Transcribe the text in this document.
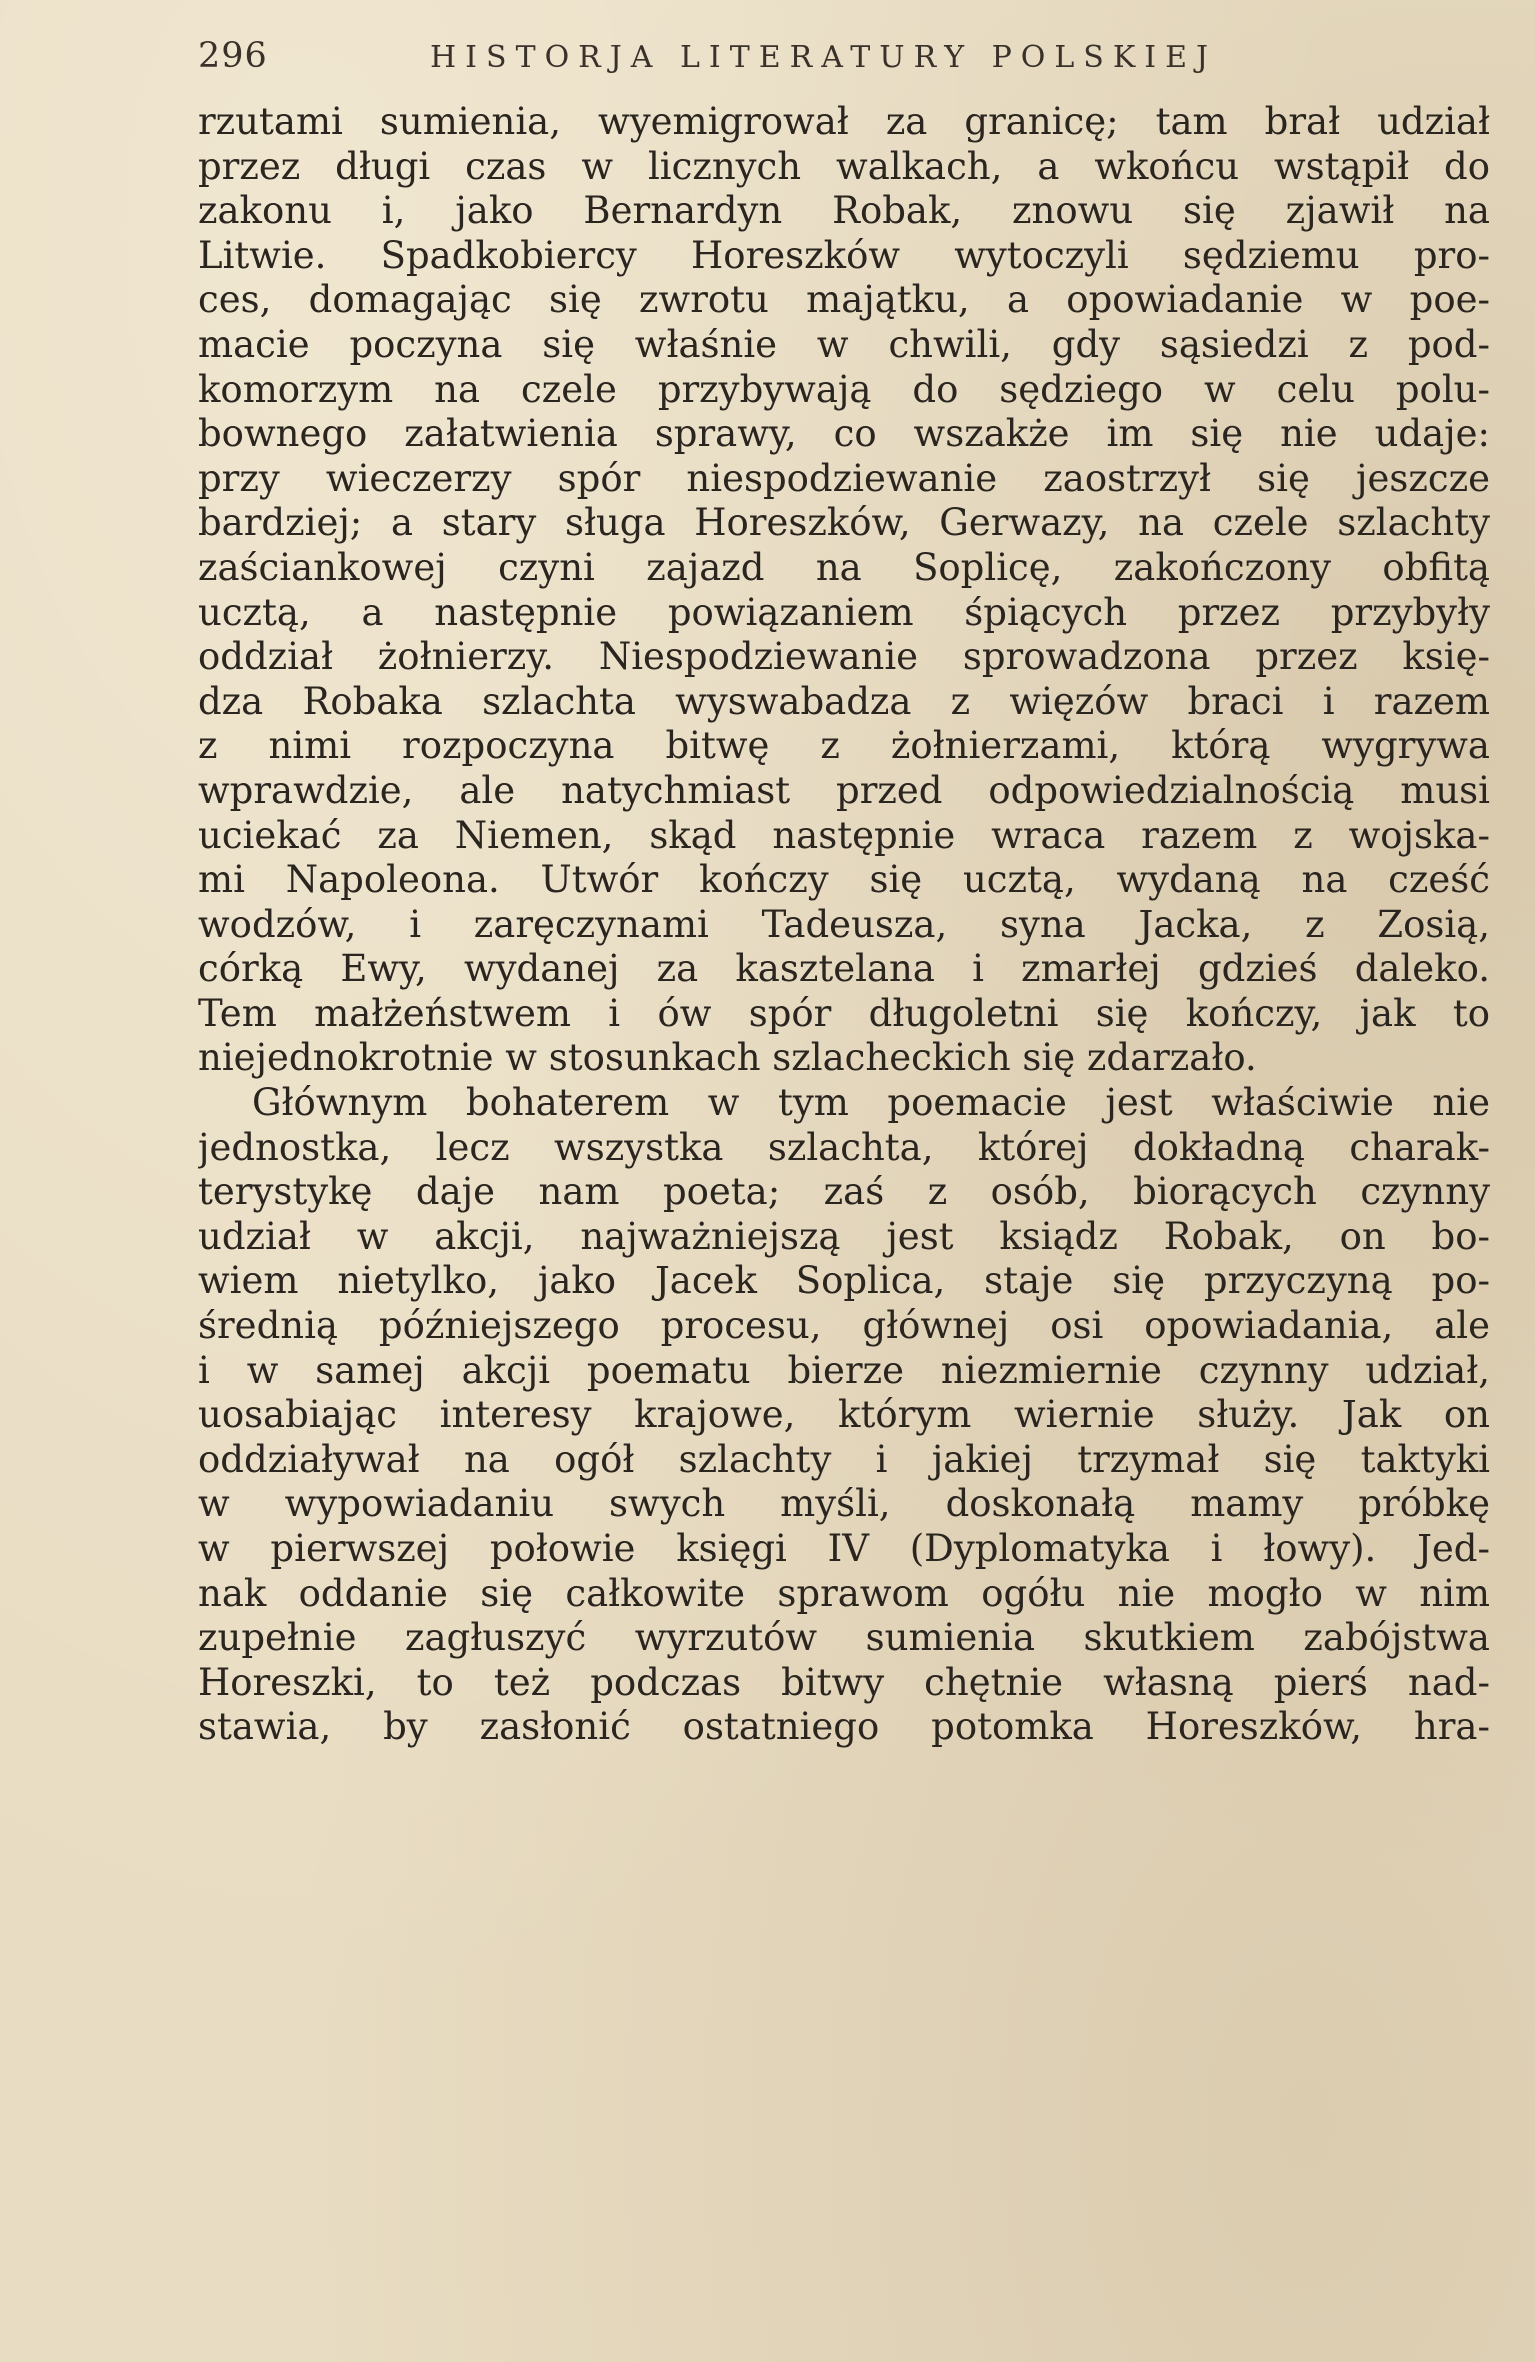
296	HISTORJA LITERATURY POLSKIEJ
rzutami sumienia, wyemigrował za granicę; tam brał udział
przez długi czas w licznych walkach, a wkońcu wstąpił do
zakonu i, jako Bernardyn Robak, znowu się zjawił na
Litwie. Spadkobiercy Horeszków wytoczyli sędziemu pro-
ces, domagając się zwrotu majątku, a opowiadanie w poe-
macie poczyna się właśnie w chwili, gdy sąsiedzi z pod-
komorzym na czele przybywają do sędziego w celu polu-
bownego załatwienia sprawy, co wszakże im się nie udaje:
przy wieczerzy spór niespodziewanie zaostrzył się jeszcze
bardziej; a stary sługa Horeszków, Gerwazy, na czele szlachty
zaściankowej czyni zajazd na Soplicę, zakończony obfitą
ucztą, a następnie powiązaniem śpiących przez przybyły
oddział żołnierzy. Niespodziewanie sprowadzona przez księ-
dza Robaka szlachta wyswabadza z więzów braci i razem
z nimi rozpoczyna bitwę z żołnierzami, którą wygrywa
wprawdzie, ale natychmiast przed odpowiedzialnością musi
uciekać za Niemen, skąd następnie wraca razem z wojska-
mi Napoleona. Utwór kończy się ucztą, wydaną na cześć
wodzów, i zaręczynami Tadeusza, syna Jacka, z Zosią,
córką Ewy, wydanej za kasztelana i zmarłej gdzieś daleko.
Tem małżeństwem i ów spór długoletni się kończy, jak to
niejednokrotnie w stosunkach szlacheckich się zdarzało.
Głównym bohaterem w tym poemacie jest właściwie nie
jednostka, lecz wszystka szlachta, której dokładną charak-
terystykę daje nam poeta; zaś z osób, biorących czynny
udział w akcji, najważniejszą jest ksiądz Robak, on bo-
wiem nietylko, jako Jacek Soplica, staje się przyczyną po-
średnią późniejszego procesu, głównej osi opowiadania, ale
i w samej akcji poematu bierze niezmiernie czynny udział,
uosabiając interesy krajowe, którym wiernie służy. Jak on
oddziaływał na ogół szlachty i jakiej trzymał się taktyki
w wypowiadaniu swych myśli, doskonałą mamy próbkę
w pierwszej połowie księgi IV (Dyplomatyka i łowy). Jed-
nak oddanie się całkowite sprawom ogółu nie mogło w nim
zupełnie zagłuszyć wyrzutów sumienia skutkiem zabójstwa
Horeszki, to też podczas bitwy chętnie własną pierś nad-
stawia, by zasłonić ostatniego potomka Horeszków, hra-
